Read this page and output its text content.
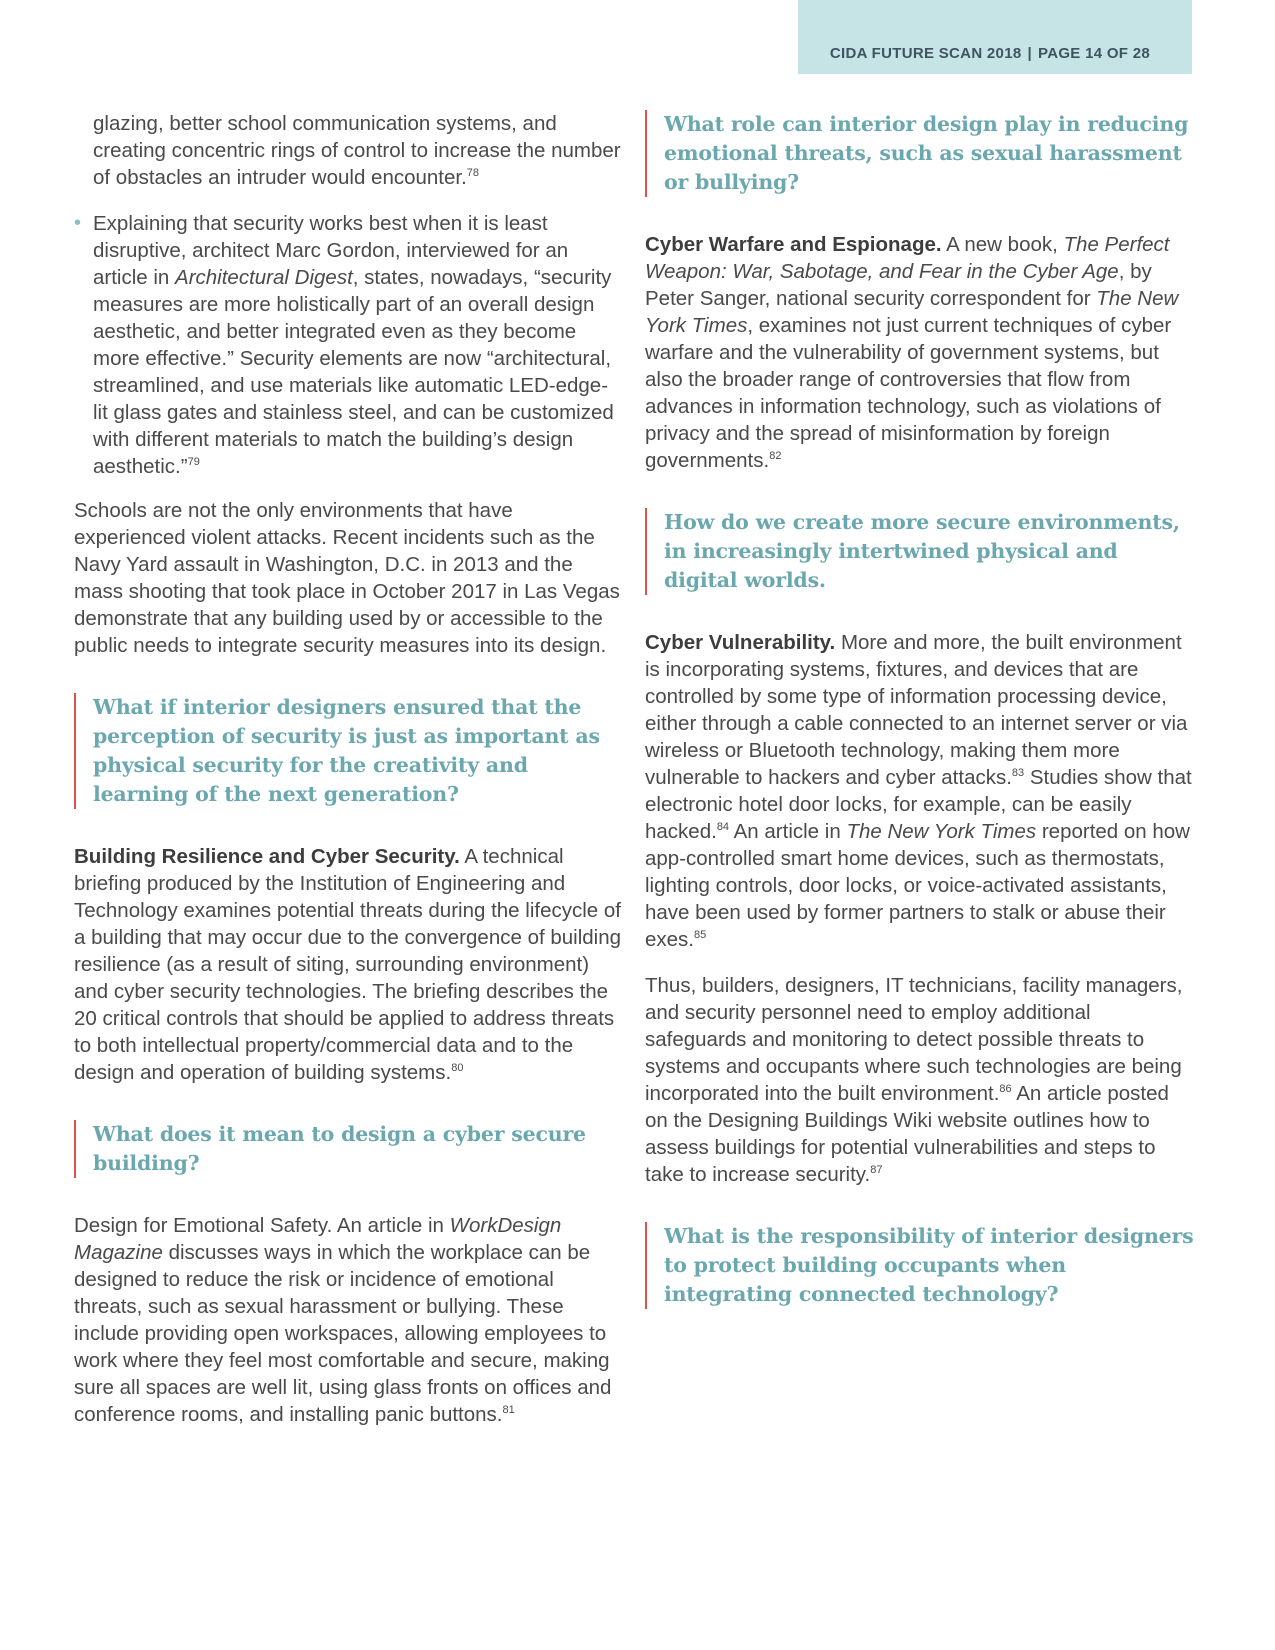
CIDA FUTURE SCAN 2018 | PAGE 14 OF 28
glazing, better school communication systems, and creating concentric rings of control to increase the number of obstacles an intruder would encounter.$^{78}$
• Explaining that security works best when it is least disruptive, architect Marc Gordon, interviewed for an article in Architectural Digest, states, nowadays, “security measures are more holistically part of an overall design aesthetic, and better integrated even as they become more effective.” Security elements are now “architectural, streamlined, and use materials like automatic LED-edge-lit glass gates and stainless steel, and can be customized with different materials to match the building’s design aesthetic.”$^{79}$

Schools are not the only environments that have experienced violent attacks. Recent incidents such as the Navy Yard assault in Washington, D.C. in 2013 and the mass shooting that took place in October 2017 in Las Vegas demonstrate that any building used by or accessible to the public needs to integrate security measures into its design.

What if interior designers ensured that the perception of security is just as important as physical security for the creativity and learning of the next generation?

Building Resilience and Cyber Security. A technical briefing produced by the Institution of Engineering and Technology examines potential threats during the lifecycle of a building that may occur due to the convergence of building resilience (as a result of siting, surrounding environment) and cyber security technologies. The briefing describes the 20 critical controls that should be applied to address threats to both intellectual property/commercial data and to the design and operation of building systems.$^{80}$

What does it mean to design a cyber secure building?

Design for Emotional Safety. An article in WorkDesign Magazine discusses ways in which the workplace can be designed to reduce the risk or incidence of emotional threats, such as sexual harassment or bullying. These include providing open workspaces, allowing employees to work where they feel most comfortable and secure, making sure all spaces are well lit, using glass fronts on offices and conference rooms, and installing panic buttons.$^{81}$

What role can interior design play in reducing emotional threats, such as sexual harassment or bullying?

Cyber Warfare and Espionage. A new book, The Perfect Weapon: War, Sabotage, and Fear in the Cyber Age, by Peter Sanger, national security correspondent for The New York Times, examines not just current techniques of cyber warfare and the vulnerability of government systems, but also the broader range of controversies that flow from advances in information technology, such as violations of privacy and the spread of misinformation by foreign governments.$^{82}$

How do we create more secure environments, in increasingly intertwined physical and digital worlds.

Cyber Vulnerability. More and more, the built environment is incorporating systems, fixtures, and devices that are controlled by some type of information processing device, either through a cable connected to an internet server or via wireless or Bluetooth technology, making them more vulnerable to hackers and cyber attacks.$^{83}$ Studies show that electronic hotel door locks, for example, can be easily hacked.$^{84}$ An article in The New York Times reported on how app-controlled smart home devices, such as thermostats, lighting controls, door locks, or voice-activated assistants, have been used by former partners to stalk or abuse their exes.$^{85}$

Thus, builders, designers, IT technicians, facility managers, and security personnel need to employ additional safeguards and monitoring to detect possible threats to systems and occupants where such technologies are being incorporated into the built environment.$^{86}$ An article posted on the Designing Buildings Wiki website outlines how to assess buildings for potential vulnerabilities and steps to take to increase security.$^{87}$

What is the responsibility of interior designers to protect building occupants when integrating connected technology?
